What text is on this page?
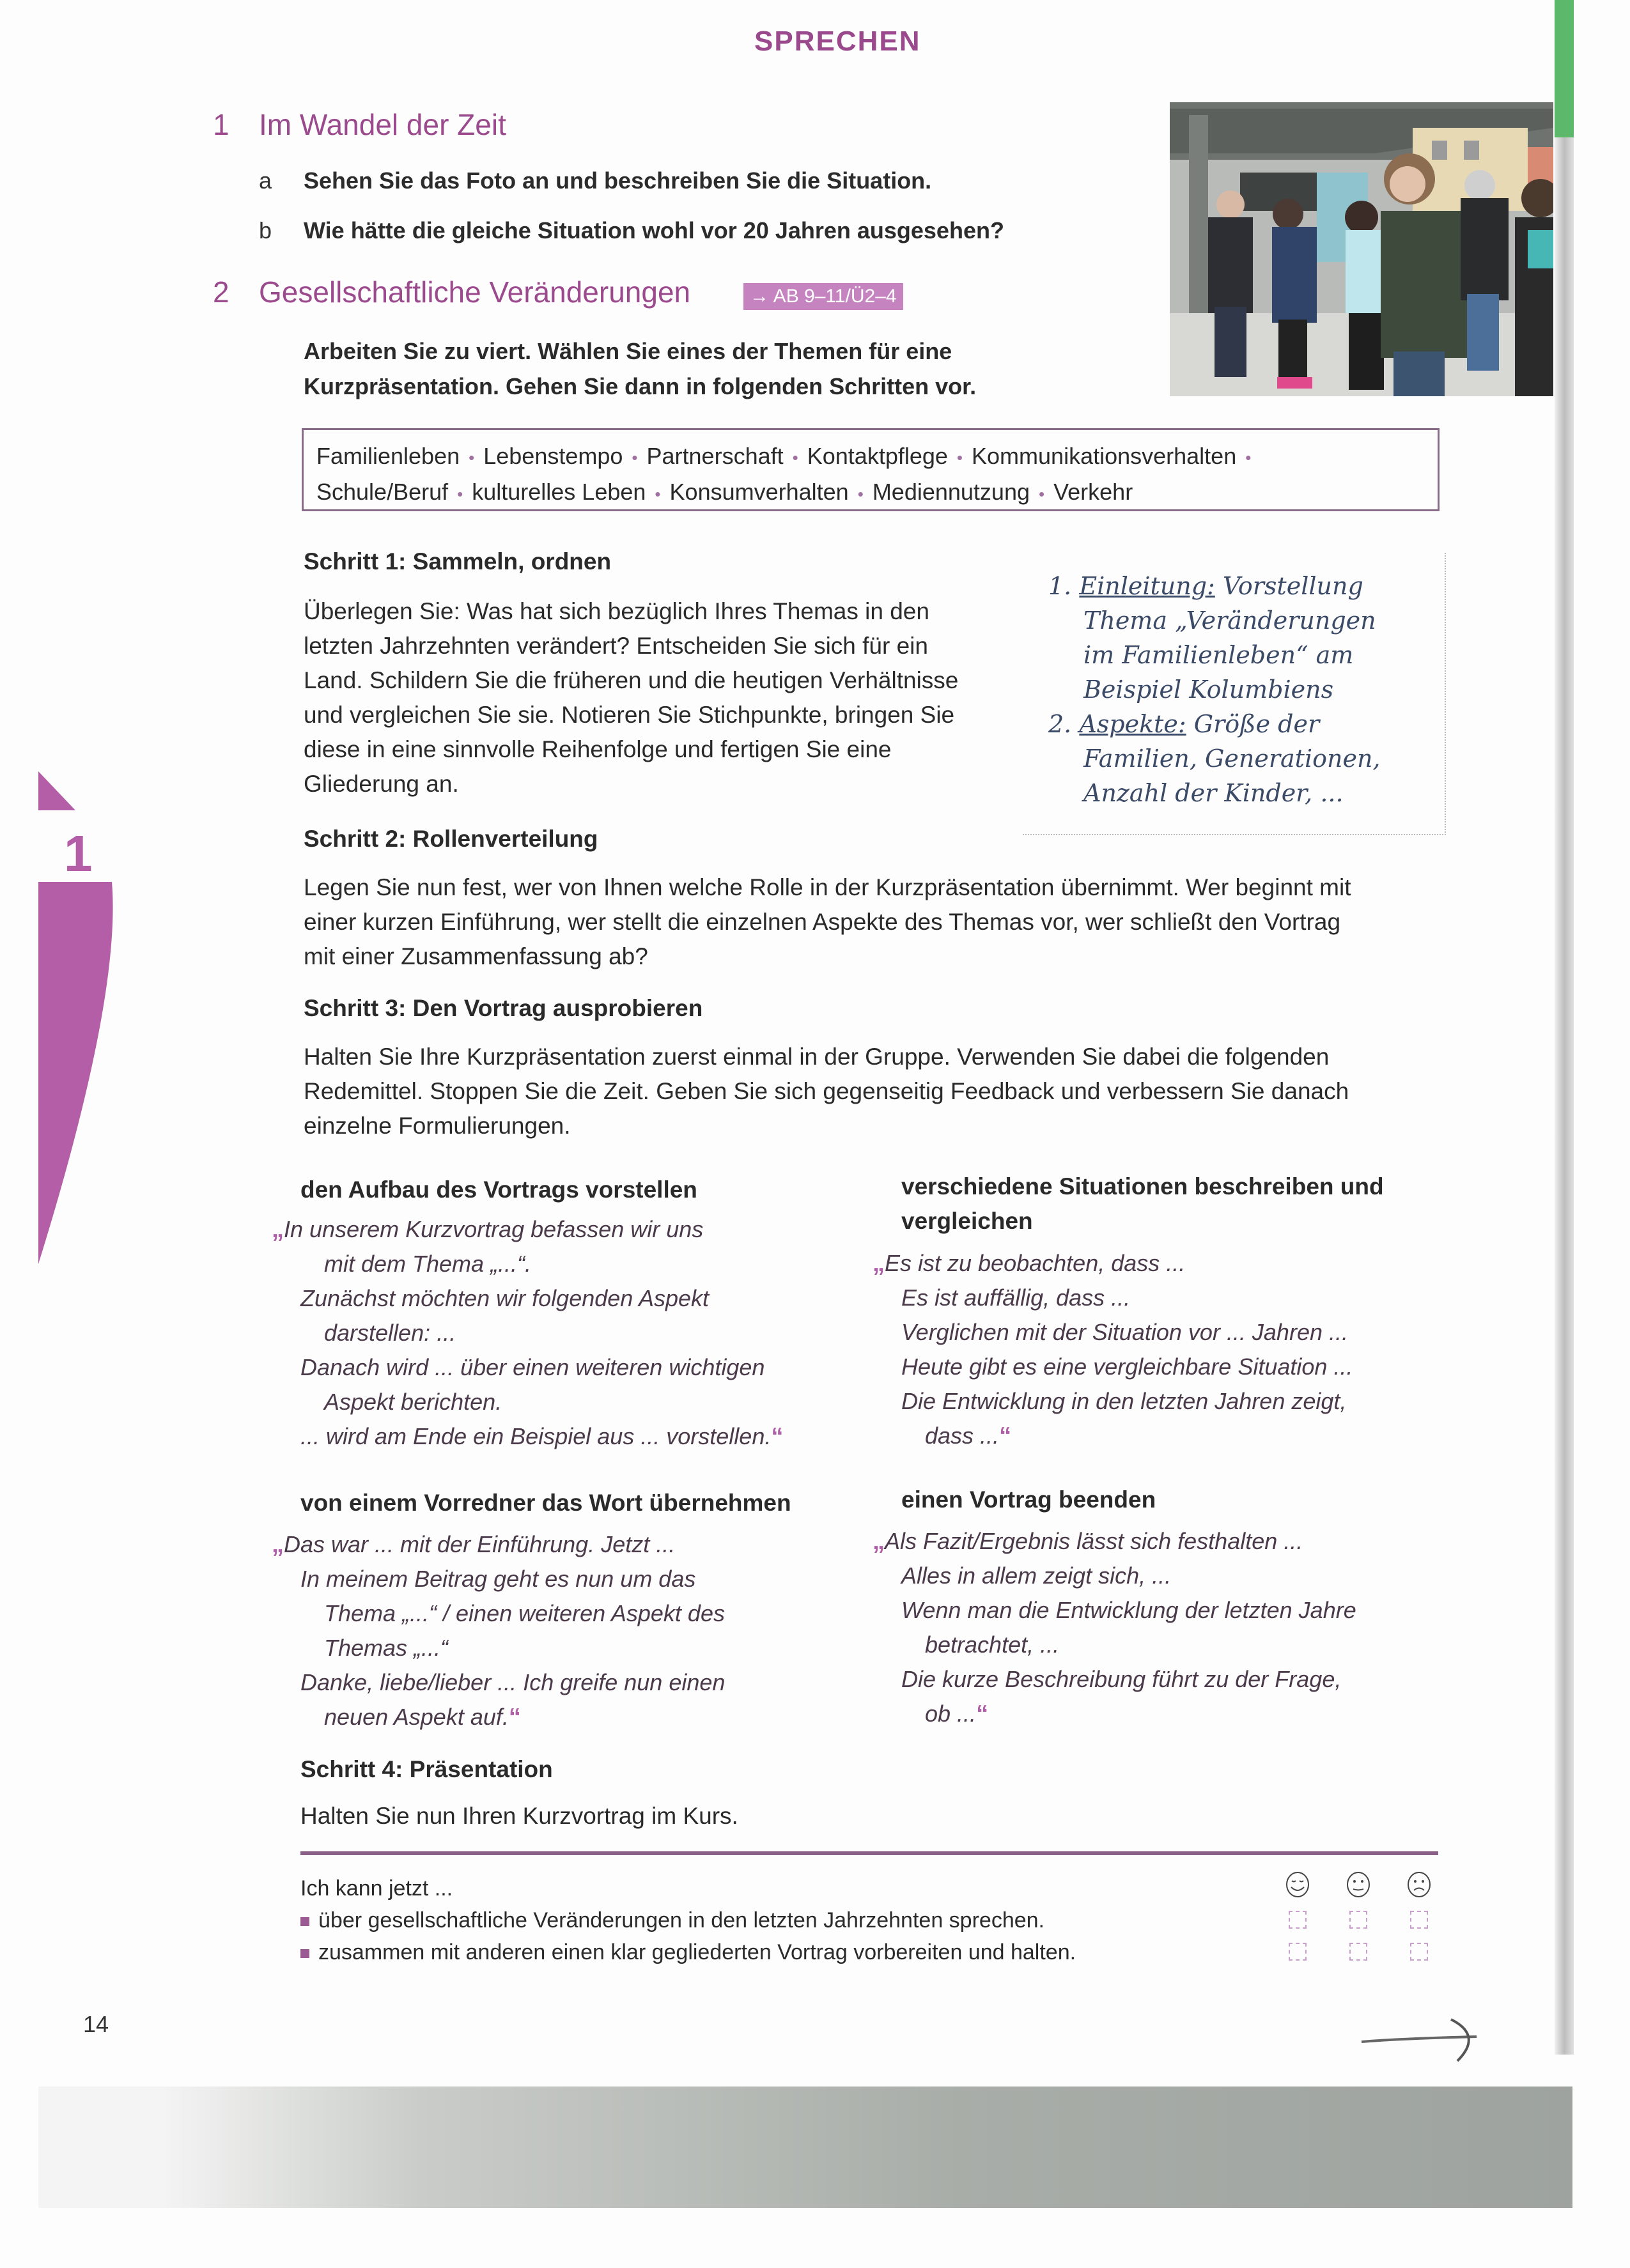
SPRECHEN
1 Im Wandel der Zeit
a Sehen Sie das Foto an und beschreiben Sie die Situation.
b Wie hätte die gleiche Situation wohl vor 20 Jahren ausgesehen?
2 Gesellschaftliche Veränderungen	→ AB 9–11/Ü2–4
Arbeiten Sie zu viert. Wählen Sie eines der Themen für eine Kurzpräsentation. Gehen Sie dann in folgenden Schritten vor.
Familienleben • Lebenstempo • Partnerschaft • Kontaktpflege • Kommunikationsverhalten •
Schule/Beruf • kulturelles Leben • Konsumverhalten • Mediennutzung • Verkehr
Schritt 1: Sammeln, ordnen
Überlegen Sie: Was hat sich bezüglich Ihres Themas in den letzten Jahrzehnten verändert? Entscheiden Sie sich für ein Land. Schildern Sie die früheren und die heutigen Verhältnisse und vergleichen Sie sie. Notieren Sie Stichpunkte, bringen Sie diese in eine sinnvolle Reihenfolge und fertigen Sie eine Gliederung an.
1. Einleitung: Vorstellung
Thema „Veränderungen
im Familienleben“ am
Beispiel Kolumbiens
2. Aspekte: Größe der
Familien, Generationen,
Anzahl der Kinder, ...
Schritt 2: Rollenverteilung
Legen Sie nun fest, wer von Ihnen welche Rolle in der Kurzpräsentation übernimmt. Wer beginnt mit einer kurzen Einführung, wer stellt die einzelnen Aspekte des Themas vor, wer schließt den Vortrag mit einer Zusammenfassung ab?
Schritt 3: Den Vortrag ausprobieren
Halten Sie Ihre Kurzpräsentation zuerst einmal in der Gruppe. Verwenden Sie dabei die folgenden Redemittel. Stoppen Sie die Zeit. Geben Sie sich gegenseitig Feedback und verbessern Sie danach einzelne Formulierungen.
den Aufbau des Vortrags vorstellen
„In unserem Kurzvortrag befassen wir uns
mit dem Thema „...“.
Zunächst möchten wir folgenden Aspekt
darstellen: ...
Danach wird ... über einen weiteren wichtigen
Aspekt berichten.
... wird am Ende ein Beispiel aus ... vorstellen.“
verschiedene Situationen beschreiben und vergleichen
„Es ist zu beobachten, dass ...
Es ist auffällig, dass ...
Verglichen mit der Situation vor ... Jahren ...
Heute gibt es eine vergleichbare Situation ...
Die Entwicklung in den letzten Jahren zeigt,
dass ...“
von einem Vorredner das Wort übernehmen
„Das war ... mit der Einführung. Jetzt ...
In meinem Beitrag geht es nun um das
Thema „...“ / einen weiteren Aspekt des
Themas „...“
Danke, liebe/lieber ... Ich greife nun einen
neuen Aspekt auf.“
einen Vortrag beenden
„Als Fazit/Ergebnis lässt sich festhalten ...
Alles in allem zeigt sich, ...
Wenn man die Entwicklung der letzten Jahre
betrachtet, ...
Die kurze Beschreibung führt zu der Frage,
ob ...“
Schritt 4: Präsentation
Halten Sie nun Ihren Kurzvortrag im Kurs.
Ich kann jetzt ...
über gesellschaftliche Veränderungen in den letzten Jahrzehnten sprechen.
zusammen mit anderen einen klar gegliederten Vortrag vorbereiten und halten.
1
14
